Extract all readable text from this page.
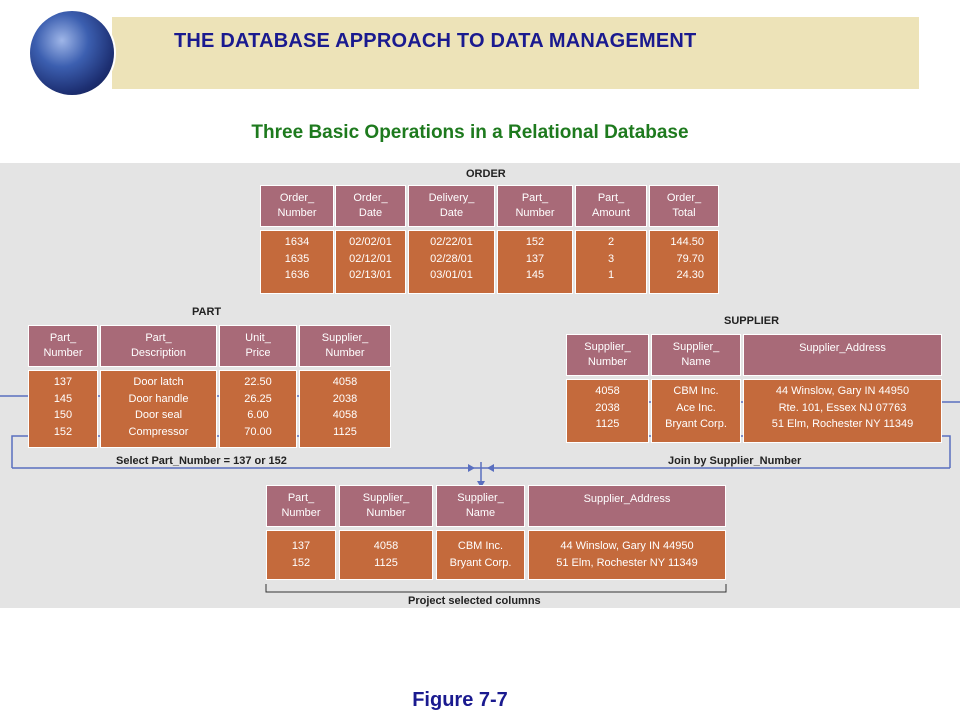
THE DATABASE APPROACH TO DATA MANAGEMENT
Three Basic Operations in a Relational Database
ORDER
Order_
Number
Order_
Date
Delivery_
Date
Part_
Number
Part_
Amount
Order_
Total
1634
1635
1636
02/02/01
02/12/01
02/13/01
02/22/01
02/28/01
03/01/01
152
137
145
2
3
1
144.50
79.70
24.30
PART
Part_
Number
Part_
Description
Unit_
Price
Supplier_
Number
137
145
150
152
Door latch
Door handle
Door seal
Compressor
22.50
26.25
6.00
70.00
4058
2038
4058
1125
SUPPLIER
Supplier_
Number
Supplier_
Name
Supplier_Address
4058
2038
1125
CBM Inc.
Ace Inc.
Bryant Corp.
44 Winslow, Gary IN 44950
Rte. 101, Essex NJ 07763
51 Elm, Rochester NY 11349
Select Part_Number = 137 or 152	Join by Supplier_Number
Part_
Number
Supplier_
Number
Supplier_
Name
Supplier_Address
137
152
4058
1125
CBM Inc.
Bryant Corp.
44 Winslow, Gary IN 44950
51 Elm, Rochester NY 11349
Project selected columns
Figure 7-7
